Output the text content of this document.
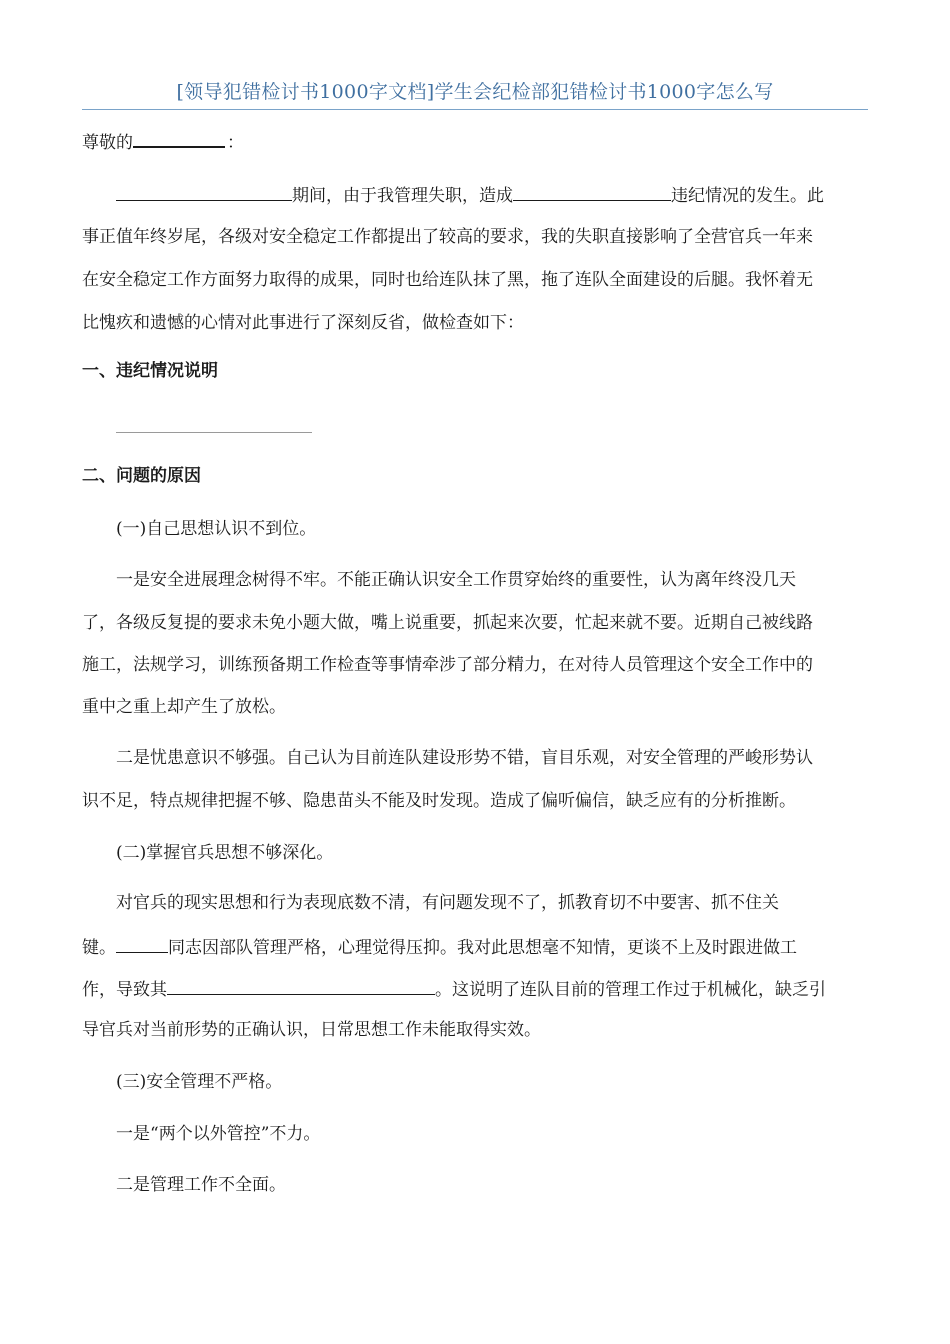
[领导犯错检讨书1000字文档]学生会纪检部犯错检讨书1000字怎么写
尊敬的	：
期间，由于我管理失职，造成	违纪情况的发生。此
事正值年终岁尾，各级对安全稳定工作都提出了较高的要求，我的失职直接影响了全营官兵一年来
在安全稳定工作方面努力取得的成果，同时也给连队抹了黑，拖了连队全面建设的后腿。我怀着无
比愧疚和遗憾的心情对此事进行了深刻反省，做检查如下：
一、违纪情况说明
二、问题的原因
(一)自己思想认识不到位。
一是安全进展理念树得不牢。不能正确认识安全工作贯穿始终的重要性，认为离年终没几天
了，各级反复提的要求未免小题大做，嘴上说重要，抓起来次要，忙起来就不要。近期自己被线路
施工，法规学习，训练预备期工作检查等事情牵涉了部分精力，在对待人员管理这个安全工作中的
重中之重上却产生了放松。
二是忧患意识不够强。自己认为目前连队建设形势不错，盲目乐观，对安全管理的严峻形势认
识不足，特点规律把握不够、隐患苗头不能及时发现。造成了偏听偏信，缺乏应有的分析推断。
(二)掌握官兵思想不够深化。
对官兵的现实思想和行为表现底数不清，有问题发现不了，抓教育切不中要害、抓不住关
键。	同志因部队管理严格，心理觉得压抑。我对此思想毫不知情，更谈不上及时跟进做工
作，导致其	。这说明了连队目前的管理工作过于机械化，缺乏引
导官兵对当前形势的正确认识，日常思想工作未能取得实效。
(三)安全管理不严格。
一是“两个以外管控”不力。
二是管理工作不全面。
